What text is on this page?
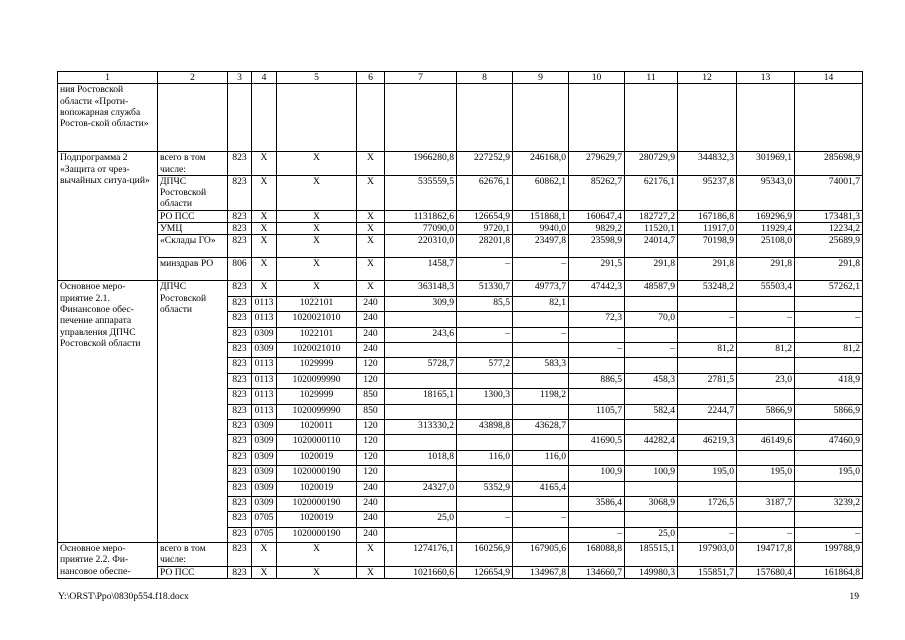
1	2	3	4	5	6	7	8	9	10	11	12	13	14
ния Ростовской области «Проти-вопожарная служба Ростов-ской области»													
Подпрограмма 2 «Защита от чрез-вычайных ситуа-ций»	всего в том числе:	823	X	X	X	1966280,8	227252,9	246168,0	279629,7	280729,9	344832,3	301969,1	285698,9
	ДПЧС Ростовской области	823	X	X	X	535559,5	62676,1	60862,1	85262,7	62176,1	95237,8	95343,0	74001,7
	РО ПСС	823	X	X	X	1131862,6	126654,9	151868,1	160647,4	182727,2	167186,8	169296,9	173481,3
	УМЦ	823	X	X	X	77090,0	9720,1	9940,0	9829,2	11520,1	11917,0	11929,4	12234,2
	«Склады ГО»	823	X	X	X	220310,0	28201,8	23497,8	23598,9	24014,7	70198,9	25108,0	25689,9
	минздрав РО	806	X	X	X	1458,7	–	–	291,5	291,8	291,8	291,8	291,8
Основное меро-приятие 2.1. Финансовое обес-печение аппарата управления ДПЧС Ростовской области	ДПЧС Ростовской области	823	X	X	X	363148,3	51330,7	49773,7	47442,3	48587,9	53248,2	55503,4	57262,1
		823	0113	1022101	240	309,9	85,5	82,1					
		823	0113	1020021010	240				72,3	70,0	–	–	–
		823	0309	1022101	240	243,6	–	–					
		823	0309	1020021010	240				–	–	81,2	81,2	81,2
		823	0113	1029999	120	5728,7	577,2	583,3					
		823	0113	1020099990	120				886,5	458,3	2781,5	23,0	418,9
		823	0113	1029999	850	18165,1	1300,3	1198,2					
		823	0113	1020099990	850				1105,7	582,4	2244,7	5866,9	5866,9
		823	0309	1020011	120	313330,2	43898,8	43628,7					
		823	0309	1020000110	120				41690,5	44282,4	46219,3	46149,6	47460,9
		823	0309	1020019	120	1018,8	116,0	116,0					
		823	0309	1020000190	120				100,9	100,9	195,0	195,0	195,0
		823	0309	1020019	240	24327,0	5352,9	4165,4					
		823	0309	1020000190	240				3586,4	3068,9	1726,5	3187,7	3239,2
		823	0705	1020019	240	25,0	–	–					
		823	0705	1020000190	240				–	25,0	–	–	–
Основное меро-приятие 2.2. Фи-нансовое обеспе-	всего в том числе:	823	X	X	X	1274176,1	160256,9	167905,6	168088,8	185515,1	197903,0	194717,8	199788,9
	РО ПСС	823	X	X	X	1021660,6	126654,9	134967,8	134660,7	149980,3	155851,7	157680,4	161864,8
Y:\ORST\Ppo\0830p554.f18.docx	19
